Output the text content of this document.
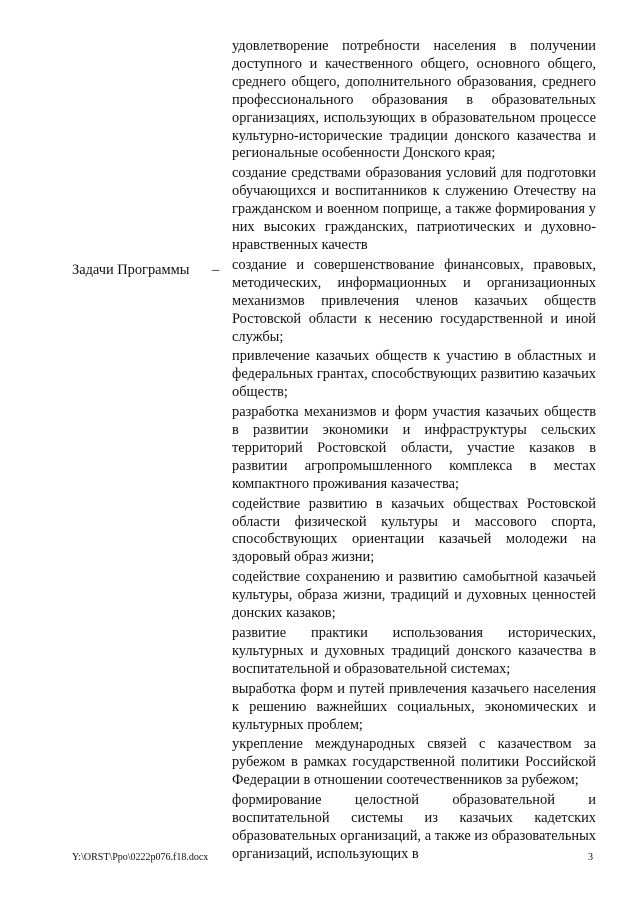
Задачи Программы –

удовлетворение потребности населения в получении доступного и качественного общего, основного общего, среднего общего, дополнительного образования, среднего профессионального образования в образовательных организациях, использующих в образовательном процессе культурно-исторические традиции донского казачества и региональные особенности Донского края;

создание средствами образования условий для подготовки обучающихся и воспитанников к служению Отечеству на гражданском и военном поприще, а также формирования у них высоких гражданских, патриотических и духовно-нравственных качеств

создание и совершенствование финансовых, правовых, методических, информационных и организационных механизмов привлечения членов казачьих обществ Ростовской области к несению государственной и иной службы;

привлечение казачьих обществ к участию в областных и федеральных грантах, способствующих развитию казачьих обществ;

разработка механизмов и форм участия казачьих обществ в развитии экономики и инфраструктуры сельских территорий Ростовской области, участие казаков в развитии агропромышленного комплекса в местах компактного проживания казачества;

содействие развитию в казачьих обществах Ростовской области физической культуры и массового спорта, способствующих ориентации казачьей молодежи на здоровый образ жизни;

содействие сохранению и развитию самобытной казачьей культуры, образа жизни, традиций и духовных ценностей донских казаков;

развитие практики использования исторических, культурных и духовных традиций донского казачества в воспитательной и образовательной системах;

выработка форм и путей привлечения казачьего населения к решению важнейших социальных, экономических и культурных проблем;

укрепление международных связей с казачеством за рубежом в рамках государственной политики Российской Федерации в отношении соотечественников за рубежом;

формирование целостной образовательной и воспитательной системы из казачьих кадетских образовательных организаций, а также из образовательных организаций, использующих в

Y:\ORST\Ppo\0222p076.f18.docx	3
